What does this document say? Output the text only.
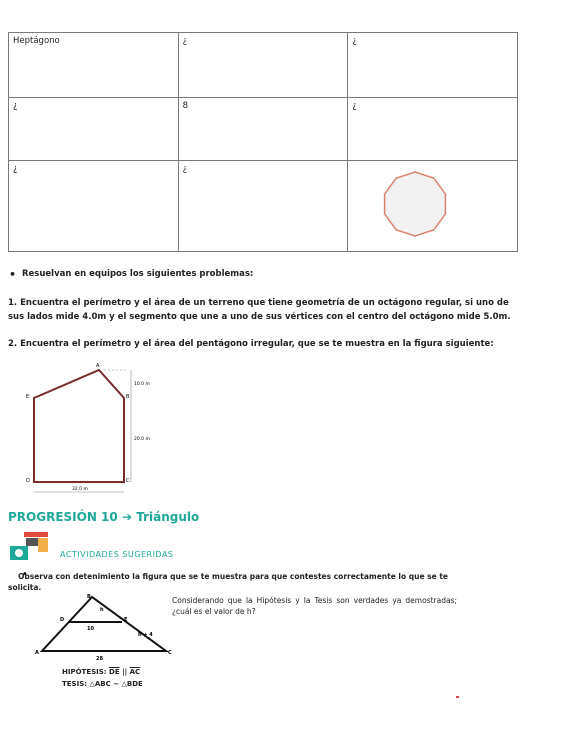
Heptágono	¿	¿
¿	8	¿
¿	¿	
• Resuelvan en equipos los siguientes problemas:
1. Encuentra el perímetro y el área de un terreno que tiene geometría de un octágono regular, si uno de sus lados mide 4.0m y el segmento que une a uno de sus vértices con el centro del octágono mide 5.0m.
2. Encuentra el perímetro y el área del pentágono irregular, que se te muestra en la figura siguiente:
A
B
C
D
E
10.0 m
20.0 m
32.0 m
PROGRESIÓN 10 ➔ Triángulo
ACTIVIDADES SUGERIDAS
• Observa con detenimiento la figura que se te muestra para que contestes correctamente lo que se te solicita.
Considerando que la Hipótesis y la Tesis son verdades ya demostradas; ¿cuál es el valor de h?
B
D	E
A	C
h
10
h + 4
28
HIPÓTESIS: $\overline{DE}$ || $\overline{AC}$
TESIS: △ABC ~ △BDE
